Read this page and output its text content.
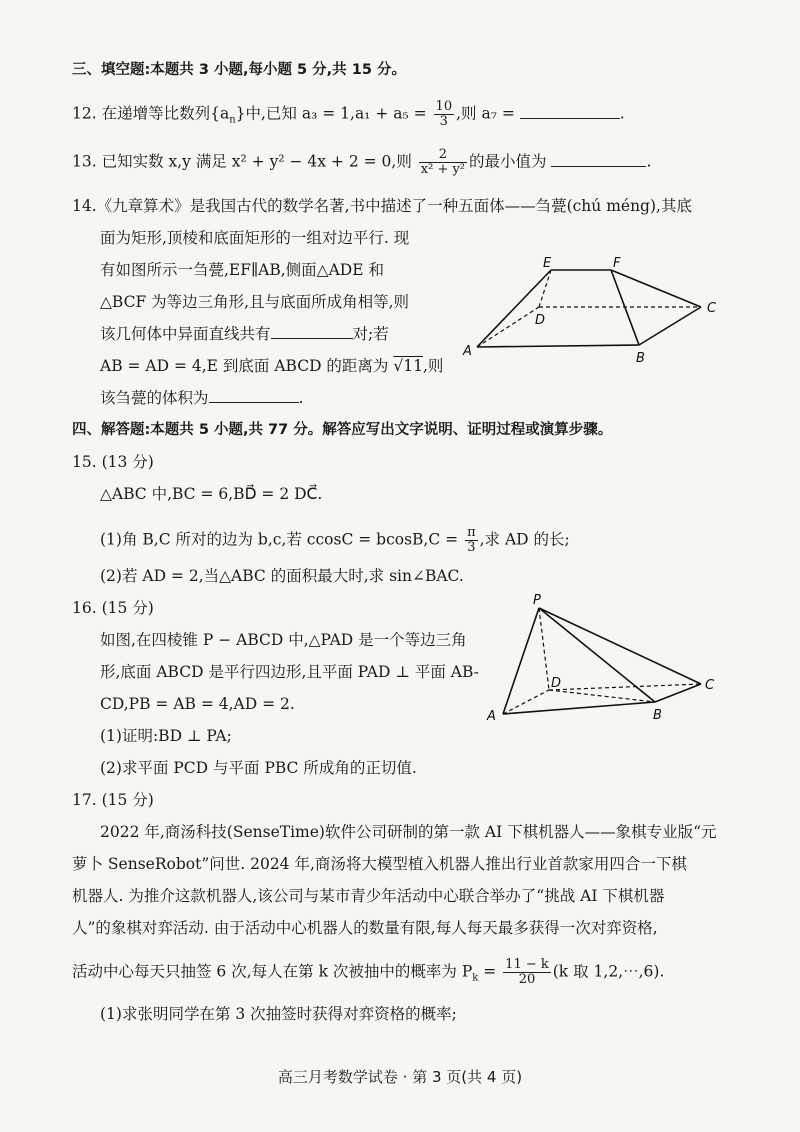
三、填空题:本题共 3 小题,每小题 5 分,共 15 分。
12. 在递增等比数列$\{a_n\}$中,已知 $a_3 = 1,a_1 + a_5 = \frac{10}{3}$ ,则 a₇ =	.
13. 已知实数 x,y 满足 x² + y² − 4x + 2 = 0,则 $\frac{2}{\text{x² + y²}}$ 的最小值为	.
14.《九章算术》是我国古代的数学名著,书中描述了一种五面体——刍甍(chú méng),其底
面为矩形,顶棱和底面矩形的一组对边平行. 现
有如图所示一刍甍,EF∥AB,侧面△ADE 和
△BCF 为等边三角形,且与底面所成角相等,则
该几何体中异面直线共有	对;若
AB = AD = 4,E 到底面 ABCD 的距离为 √11,则
该刍甍的体积为	.
E	F
C
D
A	B
四、解答题:本题共 5 小题,共 77 分。解答应写出文字说明、证明过程或演算步骤。
15. (13 分)
△ABC 中,BC = 6,BD⃗ = 2 DC⃗.
(1)角 B,C 所对的边为 b,c,若 $ccosC = bcosB,C = \frac{\pi}{3}$ ,求 AD 的长;
(2)若 AD = 2,当△ABC 的面积最大时,求 sin∠BAC.
16. (15 分)
如图,在四棱锥 P − ABCD 中,△PAD 是一个等边三角
形,底面 ABCD 是平行四边形,且平面 PAD ⊥ 平面 AB-
CD,PB = AB = 4,AD = 2.
(1)证明:BD ⊥ PA;
(2)求平面 PCD 与平面 PBC 所成角的正切值.
P
D	C
A	B
17. (15 分)
2022 年,商汤科技(SenseTime)软件公司研制的第一款 AI 下棋机器人——象棋专业版“元
萝卜 SenseRobot”问世. 2024 年,商汤将大模型植入机器人推出行业首款家用四合一下棋
机器人. 为推介这款机器人,该公司与某市青少年活动中心联合举办了“挑战 AI 下棋机器
人”的象棋对弈活动. 由于活动中心机器人的数量有限,每人每天最多获得一次对弈资格,
活动中心每天只抽签 6 次,每人在第 k 次被抽中的概率为 $P_k = \frac{11 - k}{20} (k$ 取 1,2,⋯,6).
(1)求张明同学在第 3 次抽签时获得对弈资格的概率;
高三月考数学试卷 · 第 3 页(共 4 页)
